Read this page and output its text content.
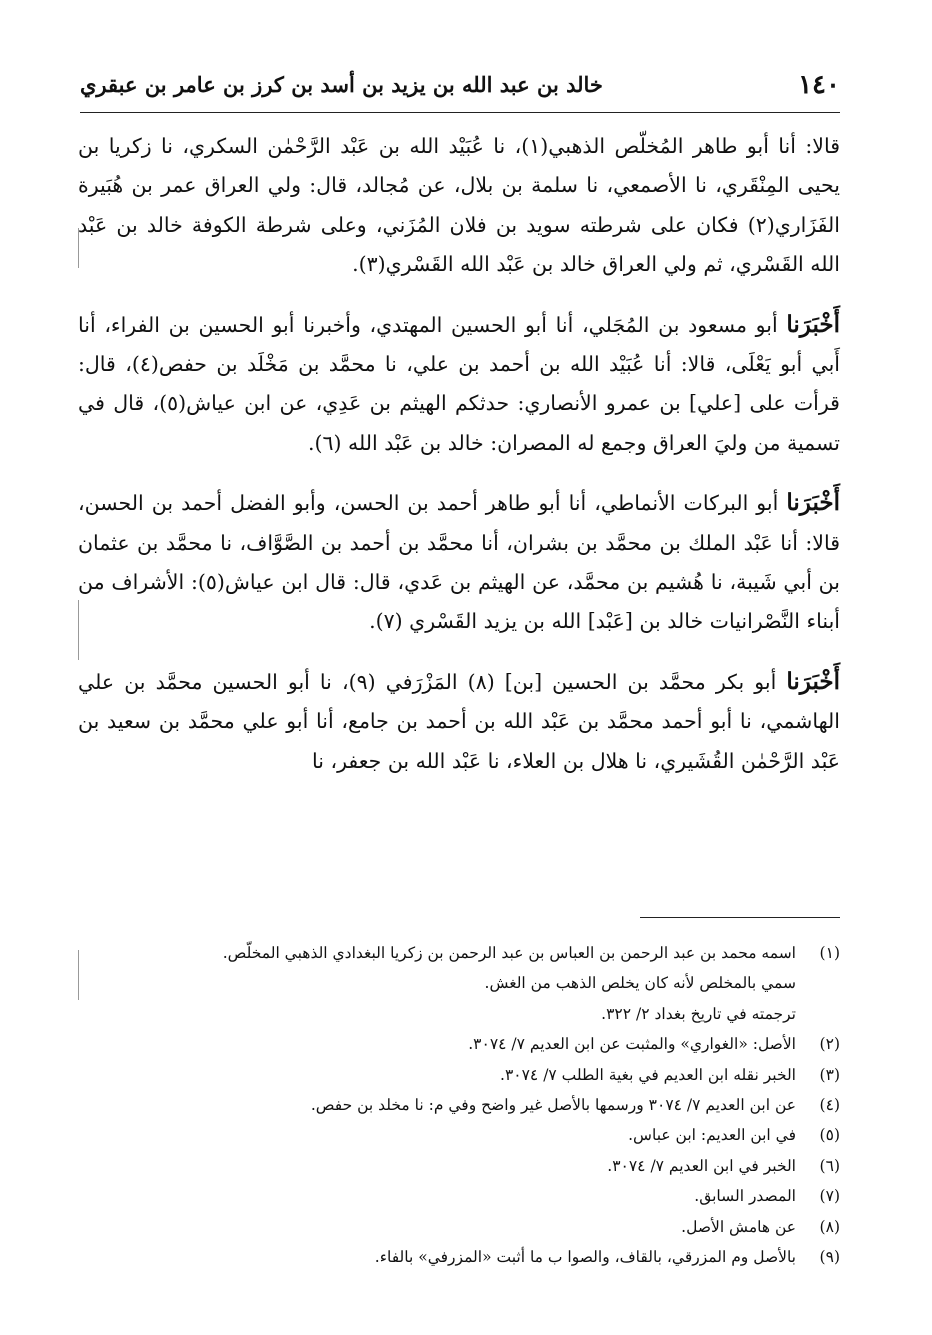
١٤٠
خالد بن عبد الله بن يزيد بن أسد بن كرز بن عامر بن عبقري

قالا: أنا أبو طاهر المُخلّص الذهبي(١)، نا عُبَيْد الله بن عَبْد الرَّحْمٰن السكري، نا زكريا بن يحيى المِنْقَري، نا الأصمعي، نا سلمة بن بلال، عن مُجالد، قال: ولي العراق عمر بن هُبَيرة الفَزَاري(٢) فكان على شرطته سويد بن فلان المُزَني، وعلى شرطة الكوفة خالد بن عَبْد الله القَسْري، ثم ولي العراق خالد بن عَبْد الله القَسْري(٣).

أَخْبَرَنا أبو مسعود بن المُجَلي، أنا أبو الحسين المهتدي، وأخبرنا أبو الحسين بن الفراء، أنا أَبي أبو يَعْلَى، قالا: أنا عُبَيْد الله بن أحمد بن علي، نا محمَّد بن مَخْلَد بن حفص(٤)، قال: قرأت على [علي] بن عمرو الأنصاري: حدثكم الهيثم بن عَدِي، عن ابن عياش(٥)، قال في تسمية من وليَ العراق وجمع له المصران: خالد بن عَبْد الله (٦).

أَخْبَرَنا أبو البركات الأنماطي، أنا أبو طاهر أحمد بن الحسن، وأبو الفضل أحمد بن الحسن، قالا: أنا عَبْد الملك بن محمَّد بن بشران، أنا محمَّد بن أحمد بن الصَّوَّاف، نا محمَّد بن عثمان بن أبي شَيبة، نا هُشيم بن محمَّد، عن الهيثم بن عَدي، قال: قال ابن عياش(٥): الأشراف من أبناء النَّصْرانيات خالد بن [عَبْد] الله بن يزيد القَسْري (٧).

أَخْبَرَنا أبو بكر محمَّد بن الحسين [بن] (٨) المَزْرَفي (٩)، نا أبو الحسين محمَّد بن علي الهاشمي، نا أبو أحمد محمَّد بن عَبْد الله بن أحمد بن جامع، أنا أبو علي محمَّد بن سعيد بن عَبْد الرَّحْمٰن القُشَيري، نا هلال بن العلاء، نا عَبْد الله بن جعفر، نا

(١)
اسمه محمد بن عبد الرحمن بن العباس بن عبد الرحمن بن زكريا البغدادي الذهبي المخلّص.
سمي بالمخلص لأنه كان يخلص الذهب من الغش.
ترجمته في تاريخ بغداد ٢/ ٣٢٢.
(٢)
الأصل: «الغواري» والمثبت عن ابن العديم ٧/ ٣٠٧٤.
(٣)
الخبر نقله ابن العديم في بغية الطلب ٧/ ٣٠٧٤.
(٤)
عن ابن العديم ٧/ ٣٠٧٤ ورسمها بالأصل غير واضح وفي م: نا مخلد بن حفص.
(٥)
في ابن العديم: ابن عباس.
(٦)
الخبر في ابن العديم ٧/ ٣٠٧٤.
(٧)
المصدر السابق.
(٨)
عن هامش الأصل.
(٩)
بالأصل وم المزرقي، بالقاف، والصوا ب ما أثبت «المزرفي» بالفاء.
